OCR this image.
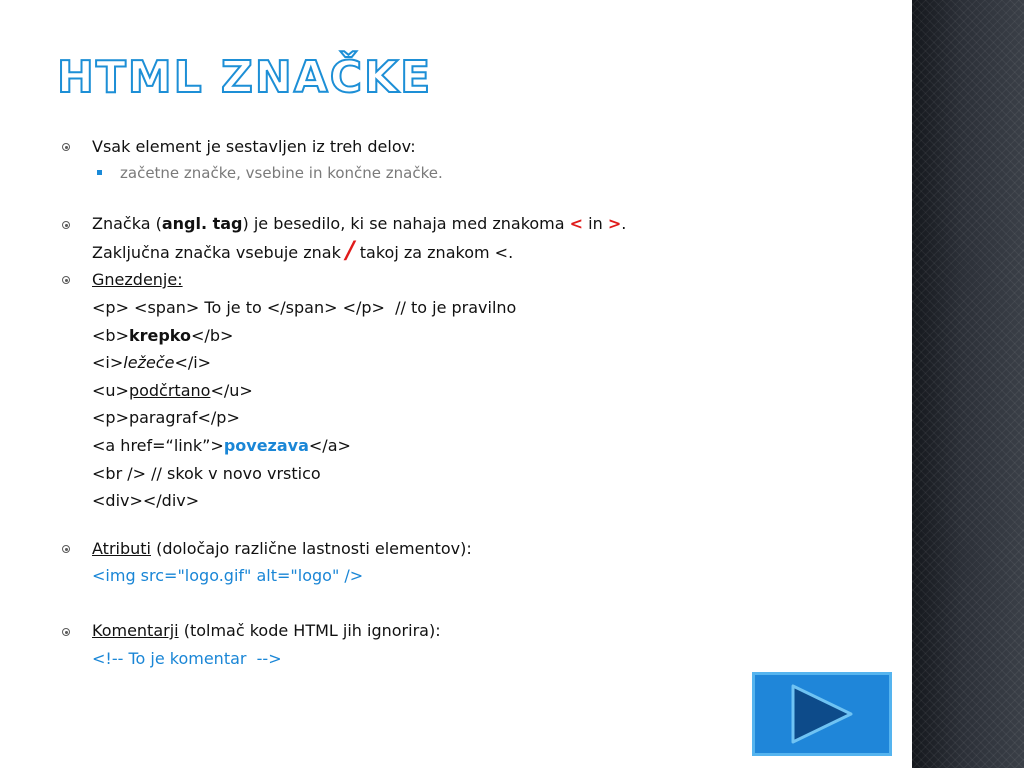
HTML ZNAČKE
Vsak element je sestavljen iz treh delov:
začetne značke, vsebine in končne značke.
Značka (angl. tag) je besedilo, ki se nahaja med znakoma < in >.
Zaključna značka vsebuje znak / takoj za znakom <.
Gnezdenje:
<p> <span> To je to </span> </p>  // to je pravilno
<b>krepko</b>
<i>ležeče</i>
<u>podčrtano</u>
<p>paragraf</p>
<a href=“link”>povezava</a>
<br /> // skok v novo vrstico
<div></div>
Atributi (določajo različne lastnosti elementov):
<img src="logo.gif" alt="logo" />
Komentarji (tolmač kode HTML jih ignorira):
<!-- To je komentar  -->
